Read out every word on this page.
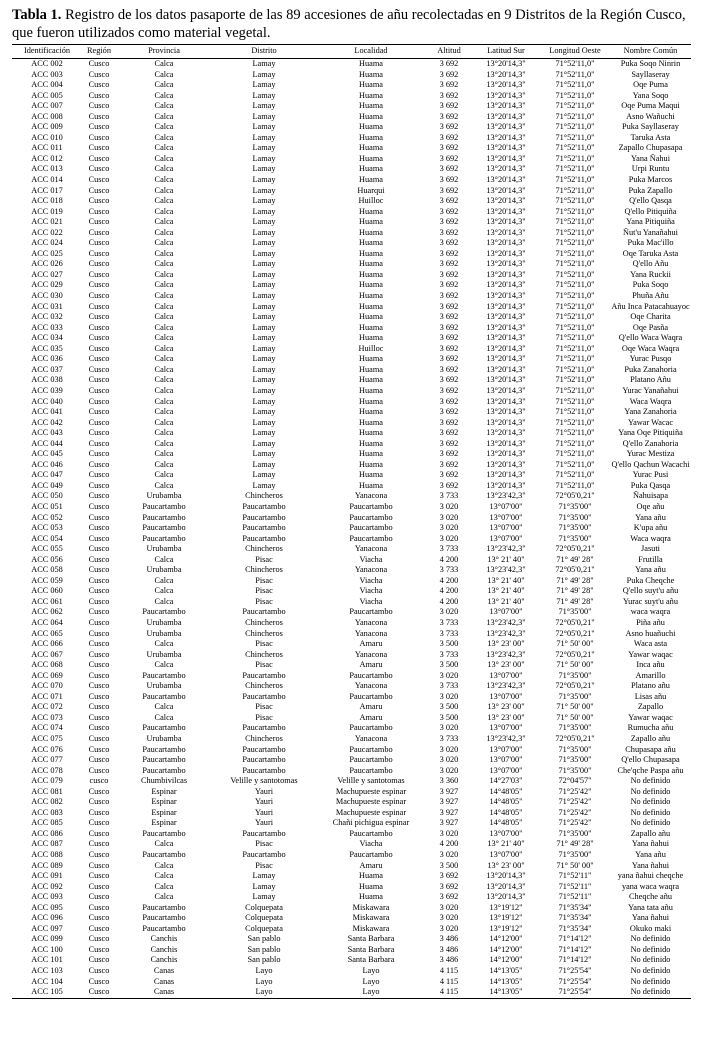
Tabla 1. Registro de los datos pasaporte de las 89 accesiones de añu recolectadas en 9 Distritos de la Región Cusco, que fueron utilizados como material vegetal.

Identificación	Región	Provincia	Distrito	Localidad	Altitud	Latitud Sur	Longitud Oeste	Nombre Común
ACC 002	Cusco	Calca	Lamay	Huama	3 692	13°20'14,3"	71°52'11,0"	Puka Soqo Ninrin
ACC 003	Cusco	Calca	Lamay	Huama	3 692	13°20'14,3"	71°52'11,0"	Sayllaseray
ACC 004	Cusco	Calca	Lamay	Huama	3 692	13°20'14,3"	71°52'11,0"	Oqe Puma
ACC 005	Cusco	Calca	Lamay	Huama	3 692	13°20'14,3"	71°52'11,0"	Yana Soqo
ACC 007	Cusco	Calca	Lamay	Huama	3 692	13°20'14,3"	71°52'11,0"	Oqe Puma Maqui
ACC 008	Cusco	Calca	Lamay	Huama	3 692	13°20'14,3"	71°52'11,0"	Asno Wañuchi
ACC 009	Cusco	Calca	Lamay	Huama	3 692	13°20'14,3"	71°52'11,0"	Puka Sayllaseray
ACC 010	Cusco	Calca	Lamay	Huama	3 692	13°20'14,3"	71°52'11,0"	Taruka Asta
ACC 011	Cusco	Calca	Lamay	Huama	3 692	13°20'14,3"	71°52'11,0"	Zapallo Chupasapa
ACC 012	Cusco	Calca	Lamay	Huama	3 692	13°20'14,3"	71°52'11,0"	Yana Ñahui
ACC 013	Cusco	Calca	Lamay	Huama	3 692	13°20'14,3"	71°52'11,0"	Urpi Runtu
ACC 014	Cusco	Calca	Lamay	Huama	3 692	13°20'14,3"	71°52'11,0"	Puka Marcos
ACC 017	Cusco	Calca	Lamay	Huarqui	3 692	13°20'14,3"	71°52'11,0"	Puka Zapallo
ACC 018	Cusco	Calca	Lamay	Huilloc	3 692	13°20'14,3"	71°52'11,0"	Q'ello Qasqa
ACC 019	Cusco	Calca	Lamay	Huama	3 692	13°20'14,3"	71°52'11,0"	Q'ello Pitiquiña
ACC 021	Cusco	Calca	Lamay	Huama	3 692	13°20'14,3"	71°52'11,0"	Yana Pitiquiña
ACC 022	Cusco	Calca	Lamay	Huama	3 692	13°20'14,3"	71°52'11,0"	Ñut'u Yanañahui
ACC 024	Cusco	Calca	Lamay	Huama	3 692	13°20'14,3"	71°52'11,0"	Puka Mac'illo
ACC 025	Cusco	Calca	Lamay	Huama	3 692	13°20'14,3"	71°52'11,0"	Oqe Taruka Asta
ACC 026	Cusco	Calca	Lamay	Huama	3 692	13°20'14,3"	71°52'11,0"	Q'ello Añu
ACC 027	Cusco	Calca	Lamay	Huama	3 692	13°20'14,3"	71°52'11,0"	Yana Ruckii
ACC 029	Cusco	Calca	Lamay	Huama	3 692	13°20'14,3"	71°52'11,0"	Puka Soqo
ACC 030	Cusco	Calca	Lamay	Huama	3 692	13°20'14,3"	71°52'11,0"	Phuña Añu
ACC 031	Cusco	Calca	Lamay	Huama	3 692	13°20'14,3"	71°52'11,0"	Añu Inca Patacahuayoc
ACC 032	Cusco	Calca	Lamay	Huama	3 692	13°20'14,3"	71°52'11,0"	Oqe Charita
ACC 033	Cusco	Calca	Lamay	Huama	3 692	13°20'14,3"	71°52'11,0"	Oqe Pasña
ACC 034	Cusco	Calca	Lamay	Huama	3 692	13°20'14,3"	71°52'11,0"	Q'ello Waca Waqra
ACC 035	Cusco	Calca	Lamay	Huilloc	3 692	13°20'14,3"	71°52'11,0"	Oqe Waca Waqra
ACC 036	Cusco	Calca	Lamay	Huama	3 692	13°20'14,3"	71°52'11,0"	Yurac Pusqo
ACC 037	Cusco	Calca	Lamay	Huama	3 692	13°20'14,3"	71°52'11,0"	Puka Zanahoria
ACC 038	Cusco	Calca	Lamay	Huama	3 692	13°20'14,3"	71°52'11,0"	Platano Añu
ACC 039	Cusco	Calca	Lamay	Huama	3 692	13°20'14,3"	71°52'11,0"	Yurac Yanañahui
ACC 040	Cusco	Calca	Lamay	Huama	3 692	13°20'14,3"	71°52'11,0"	Waca Waqra
ACC 041	Cusco	Calca	Lamay	Huama	3 692	13°20'14,3"	71°52'11,0"	Yana Zanahoria
ACC 042	Cusco	Calca	Lamay	Huama	3 692	13°20'14,3"	71°52'11,0"	Yawar Wacac
ACC 043	Cusco	Calca	Lamay	Huama	3 692	13°20'14,3"	71°52'11,0"	Yana Oqe Pitiquiña
ACC 044	Cusco	Calca	Lamay	Huama	3 692	13°20'14,3"	71°52'11,0"	Q'ello Zanahoria
ACC 045	Cusco	Calca	Lamay	Huama	3 692	13°20'14,3"	71°52'11,0"	Yurac Mestiza
ACC 046	Cusco	Calca	Lamay	Huama	3 692	13°20'14,3"	71°52'11,0"	Q'ello Qachun Wacachi
ACC 047	Cusco	Calca	Lamay	Huama	3 692	13°20'14,3"	71°52'11,0"	Yurac Pusi
ACC 049	Cusco	Calca	Lamay	Huama	3 692	13°20'14,3"	71°52'11,0"	Puka Qasqa
ACC 050	Cusco	Urubamba	Chincheros	Yanacona	3 733	13°23'42,3"	72°05'0,21"	Ñahuisapa
ACC 051	Cusco	Paucartambo	Paucartambo	Paucartambo	3 020	13°07'00"	71°35'00"	Oqe añu
ACC 052	Cusco	Paucartambo	Paucartambo	Paucartambo	3 020	13°07'00"	71°35'00"	Yana añu
ACC 053	Cusco	Paucartambo	Paucartambo	Paucartambo	3 020	13°07'00"	71°35'00"	K'upa añu
ACC 054	Cusco	Paucartambo	Paucartambo	Paucartambo	3 020	13°07'00"	71°35'00"	Waca waqra
ACC 055	Cusco	Urubamba	Chincheros	Yanacona	3 733	13°23'42,3"	72°05'0,21"	Jasuti
ACC 056	Cusco	Calca	Pisac	Viacha	4 200	13° 21' 40"	71° 49' 28"	Frutilla
ACC 058	Cusco	Urubamba	Chincheros	Yanacona	3 733	13°23'42,3"	72°05'0,21"	Yana añu
ACC 059	Cusco	Calca	Pisac	Viacha	4 200	13° 21' 40"	71° 49' 28"	Puka Cheqche
ACC 060	Cusco	Calca	Pisac	Viacha	4 200	13° 21' 40"	71° 49' 28"	Q'ello suyt'u añu
ACC 061	Cusco	Calca	Pisac	Viacha	4 200	13° 21' 40"	71° 49' 28"	Yurac suyt'u añu
ACC 062	Cusco	Paucartambo	Paucartambo	Paucartambo	3 020	13°07'00"	71°35'00"	waca waqra
ACC 064	Cusco	Urubamba	Chincheros	Yanacona	3 733	13°23'42,3"	72°05'0,21"	Piña añu
ACC 065	Cusco	Urubamba	Chincheros	Yanacona	3 733	13°23'42,3"	72°05'0,21"	Asno huañuchi
ACC 066	Cusco	Calca	Pisac	Amaru	3 500	13° 23' 00"	71° 50' 00"	Waca asta
ACC 067	Cusco	Urubamba	Chincheros	Yanacona	3 733	13°23'42,3"	72°05'0,21"	Yawar waqac
ACC 068	Cusco	Calca	Pisac	Amaru	3 500	13° 23' 00"	71° 50' 00"	Inca añu
ACC 069	Cusco	Paucartambo	Paucartambo	Paucartambo	3 020	13°07'00"	71°35'00"	Amarillo
ACC 070	Cusco	Urubamba	Chincheros	Yanacona	3 733	13°23'42,3"	72°05'0,21"	Platano añu
ACC 071	Cusco	Paucartambo	Paucartambo	Paucartambo	3 020	13°07'00"	71°35'00"	Lisas añu
ACC 072	Cusco	Calca	Pisac	Amaru	3 500	13° 23' 00"	71° 50' 00"	Zapallo
ACC 073	Cusco	Calca	Pisac	Amaru	3 500	13° 23' 00"	71° 50' 00"	Yawar waqac
ACC 074	Cusco	Paucartambo	Paucartambo	Paucartambo	3 020	13°07'00"	71°35'00"	Rumucha añu
ACC 075	Cusco	Urubamba	Chincheros	Yanacona	3 733	13°23'42,3"	72°05'0,21"	Zapallo añu
ACC 076	Cusco	Paucartambo	Paucartambo	Paucartambo	3 020	13°07'00"	71°35'00"	Chupasapa añu
ACC 077	Cusco	Paucartambo	Paucartambo	Paucartambo	3 020	13°07'00"	71°35'00"	Q'ello Chupasapa
ACC 078	Cusco	Paucartambo	Paucartambo	Paucartambo	3 020	13°07'00"	71°35'00"	Che'qche Paspa añu
ACC 079	cusco	Chumbivilcas	Velille y santotomas	Velille y santotomas	3 360	14°27'03"	72°04'57"	No definido
ACC 081	Cusco	Espinar	Yauri	Machupueste espinar	3 927	14°48'05"	71°25'42"	No definido
ACC 082	Cusco	Espinar	Yauri	Machupueste espinar	3 927	14°48'05"	71°25'42"	No definido
ACC 083	Cusco	Espinar	Yauri	Machupueste espinar	3 927	14°48'05"	71°25'42"	No definido
ACC 085	Cusco	Espinar	Yauri	Chañi pichigua espinar	3 927	14°48'05"	71°25'42"	No definido
ACC 086	Cusco	Paucartambo	Paucartambo	Paucartambo	3 020	13°07'00"	71°35'00"	Zapallo añu
ACC 087	Cusco	Calca	Pisac	Viacha	4 200	13° 21' 40"	71° 49' 28"	Yana ñahui
ACC 088	Cusco	Paucartambo	Paucartambo	Paucartambo	3 020	13°07'00"	71°35'00"	Yana añu
ACC 089	Cusco	Calca	Pisac	Amaru	3 500	13° 23' 00"	71° 50' 00"	Yana ñahui
ACC 091	Cusco	Calca	Lamay	Huama	3 692	13°20'14,3"	71°52'11"	yana ñahui cheqche
ACC 092	Cusco	Calca	Lamay	Huama	3 692	13°20'14,3"	71°52'11"	yana waca waqra
ACC 093	Cusco	Calca	Lamay	Huama	3 692	13°20'14,3"	71°52'11"	Cheqche añu
ACC 095	Cusco	Paucartambo	Colquepata	Miskawara	3 020	13°19'12"	71°35'34"	Yana tata añu
ACC 096	Cusco	Paucartambo	Colquepata	Miskawara	3 020	13°19'12"	71°35'34"	Yana ñahui
ACC 097	Cusco	Paucartambo	Colquepata	Miskawara	3 020	13°19'12"	71°35'34"	Okuko maki
ACC 099	Cusco	Canchis	San pablo	Santa Barbara	3 486	14°12'00"	71°14'12"	No definido
ACC 100	Cusco	Canchis	San pablo	Santa Barbara	3 486	14°12'00"	71°14'12"	No definido
ACC 101	Cusco	Canchis	San pablo	Santa Barbara	3 486	14°12'00"	71°14'12"	No definido
ACC 103	Cusco	Canas	Layo	Layo	4 115	14°13'05"	71°25'54"	No definido
ACC 104	Cusco	Canas	Layo	Layo	4 115	14°13'05"	71°25'54"	No definido
ACC 105	Cusco	Canas	Layo	Layo	4 115	14°13'05"	71°25'54"	No definido
